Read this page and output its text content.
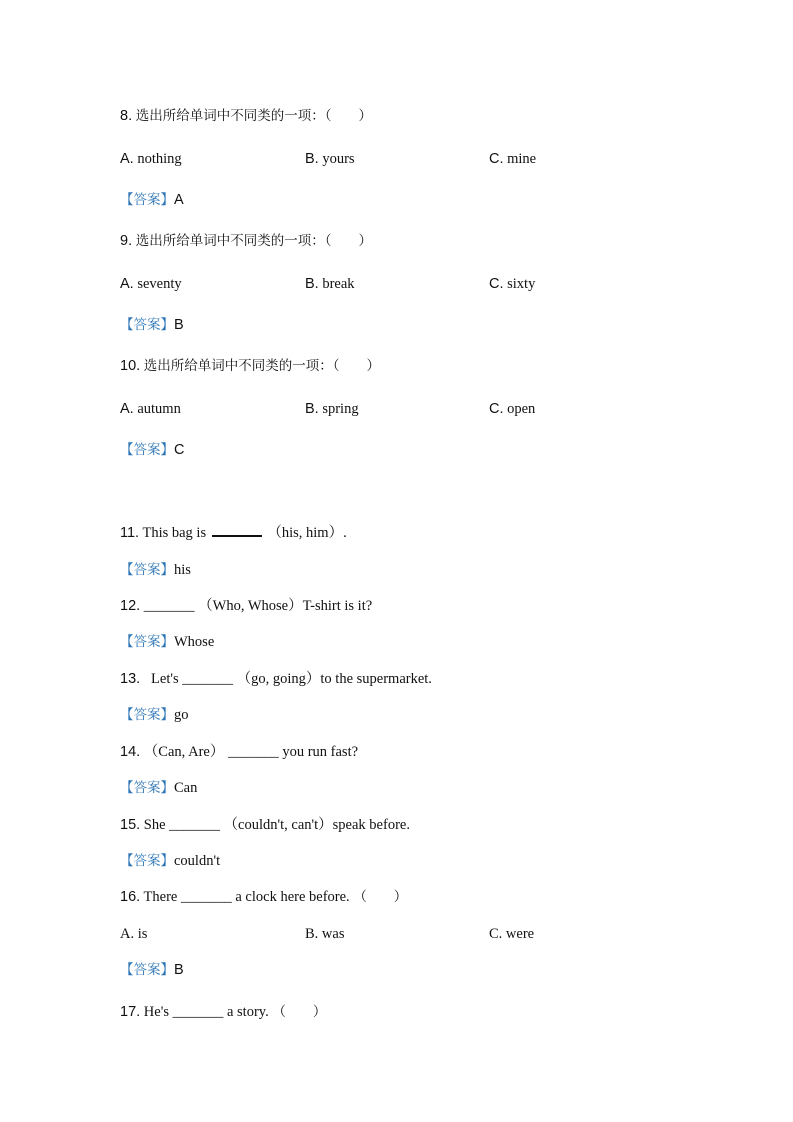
8. 选出所给单词中不同类的一项：（　　）
A. nothing	B. yours	C. mine
【答案】A
9. 选出所给单词中不同类的一项：（　　）
A. seventy	B. break	C. sixty
【答案】B
10. 选出所给单词中不同类的一项：（　　）
A. autumn	B. spring	C. open
【答案】C
11. This bag is	（his, him）.
【答案】his
12. _______ （Who, Whose）T-shirt is it?
【答案】Whose
13. Let's _______ （go, going）to the supermarket.
【答案】go
14. （Can, Are） _______ you run fast?
【答案】Can
15. She _______ （couldn't, can't）speak before.
【答案】couldn't
16. There _______ a clock here before. （　　）
A. is	B. was	C. were
【答案】B
17. He's _______ a story. （　　）
